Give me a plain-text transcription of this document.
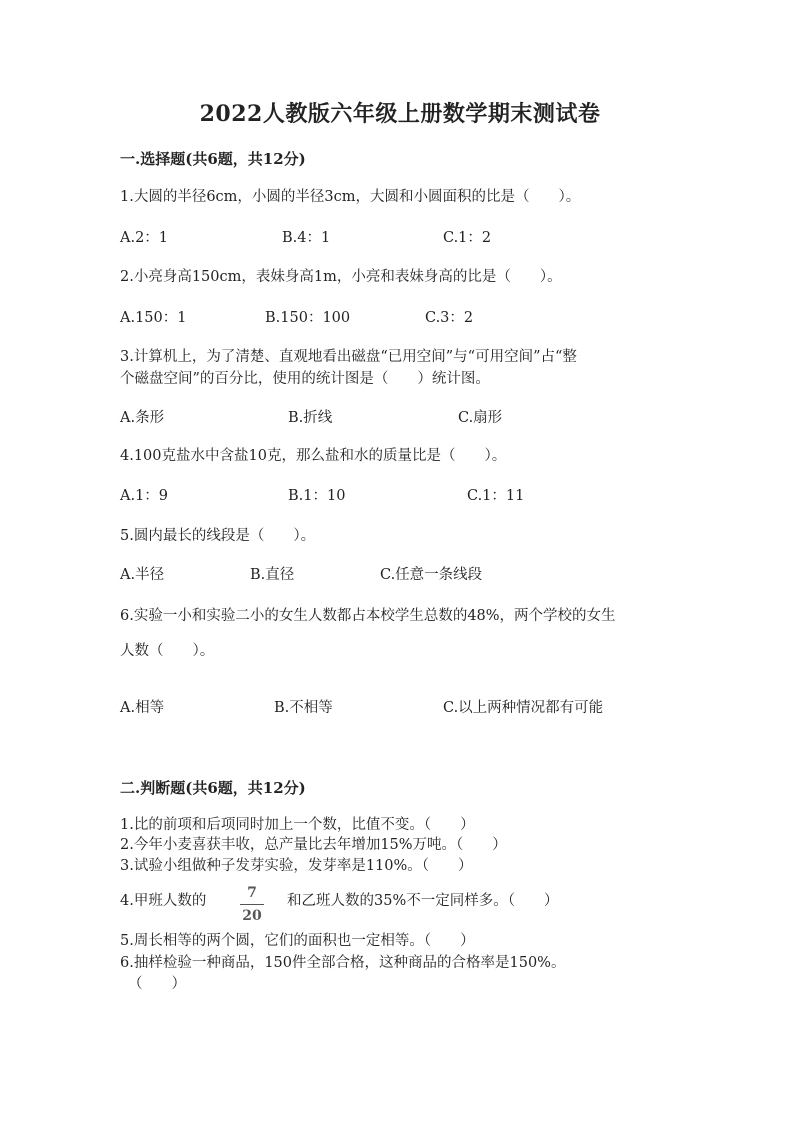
2022人教版六年级上册数学期末测试卷
一.选择题(共6题，共12分)
1.大圆的半径6cm，小圆的半径3cm，大圆和小圆面积的比是（　　）。
A.2：1	B.4：1	C.1：2
2.小亮身高150cm，表妹身高1m，小亮和表妹身高的比是（　　）。
A.150：1	B.150：100	C.3：2
3.计算机上，为了清楚、直观地看出磁盘“已用空间”与“可用空间”占“整
个磁盘空间”的百分比，使用的统计图是（　　）统计图。
A.条形	B.折线	C.扇形
4.100克盐水中含盐10克，那么盐和水的质量比是（　　）。
A.1：9	B.1：10	C.1：11
5.圆内最长的线段是（　　）。
A.半径	B.直径	C.任意一条线段
6.实验一小和实验二小的女生人数都占本校学生总数的48%，两个学校的女生
人数（　　）。
A.相等	B.不相等	C.以上两种情况都有可能
二.判断题(共6题，共12分)
1.比的前项和后项同时加上一个数，比值不变。（　　）
2.今年小麦喜获丰收，总产量比去年增加15%万吨。（　　）
3.试验小组做种子发芽实验，发芽率是110%。（　　）
4.甲班人数的	7
20
和乙班人数的35%不一定同样多。（　　）
5.周长相等的两个圆，它们的面积也一定相等。（　　）
6.抽样检验一种商品，150件全部合格，这种商品的合格率是150%。
（　　）
